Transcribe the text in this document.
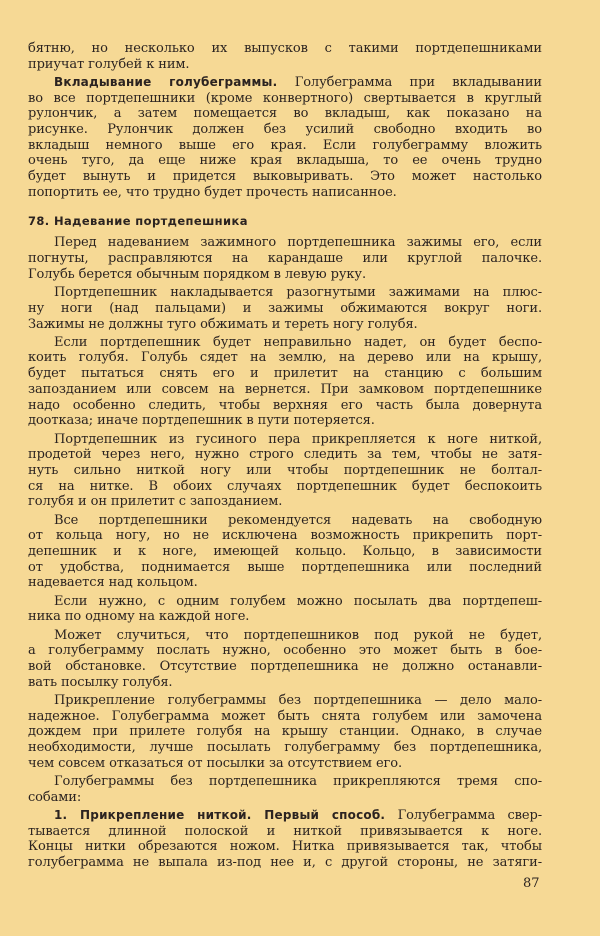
бятню, но несколько их выпусков с такими портдепешниками
приучат голубей к ним.
Вкладывание голубеграммы. Голубеграмма при вкладывании
во все портдепешники (кроме конвертного) свертывается в круглый
рулончик, а затем помещается во вкладыш, как показано на
рисунке. Рулончик должен без усилий свободно входить во
вкладыш немного выше его края. Если голубеграмму вложить
очень туго, да еще ниже края вкладыша, то ее очень трудно
будет вынуть и придется выковыривать. Это может настолько
попортить ее, что трудно будет прочесть написанное.
78. Надевание портдепешника
Перед надеванием зажимного портдепешника зажимы его, если
погнуты, расправляются на карандаше или круглой палочке.
Голубь берется обычным порядком в левую руку.
Портдепешник накладывается разогнутыми зажимами на плюс-
ну ноги (над пальцами) и зажимы обжимаются вокруг ноги.
Зажимы не должны туго обжимать и тереть ногу голубя.
Если портдепешник будет неправильно надет, он будет беспо-
коить голубя. Голубь сядет на землю, на дерево или на крышу,
будет пытаться снять его и прилетит на станцию с большим
запозданием или совсем на вернется. При замковом портдепешнике
надо особенно следить, чтобы верхняя его часть была довернута
доотказа; иначе портдепешник в пути потеряется.
Портдепешник из гусиного пера прикрепляется к ноге ниткой,
продетой через него, нужно строго следить за тем, чтобы не затя-
нуть сильно ниткой ногу или чтобы портдепешник не болтал-
ся на нитке. В обоих случаях портдепешник будет беспокоить
голубя и он прилетит с запозданием.
Все портдепешники рекомендуется надевать на свободную
от кольца ногу, но не исключена возможность прикрепить порт-
депешник и к ноге, имеющей кольцо. Кольцо, в зависимости
от удобства, поднимается выше портдепешника или последний
надевается над кольцом.
Если нужно, с одним голубем можно посылать два портдепеш-
ника по одному на каждой ноге.
Может случиться, что портдепешников под рукой не будет,
а голубеграмму послать нужно, особенно это может быть в бое-
вой обстановке. Отсутствие портдепешника не должно останавли-
вать посылку голубя.
Прикрепление голубеграммы без портдепешника — дело мало-
надежное. Голубеграмма может быть снята голубем или замочена
дождем при прилете голубя на крышу станции. Однако, в случае
необходимости, лучше посылать голубеграмму без портдепешника,
чем совсем отказаться от посылки за отсутствием его.
Голубеграммы без портдепешника прикрепляются тремя спо-
собами:
1. Прикрепление ниткой. Первый способ. Голубеграмма свер-
тывается длинной полоской и ниткой привязывается к ноге.
Концы нитки обрезаются ножом. Нитка привязывается так, чтобы
голубеграмма не выпала из-под нее и, с другой стороны, не затяги-
87
